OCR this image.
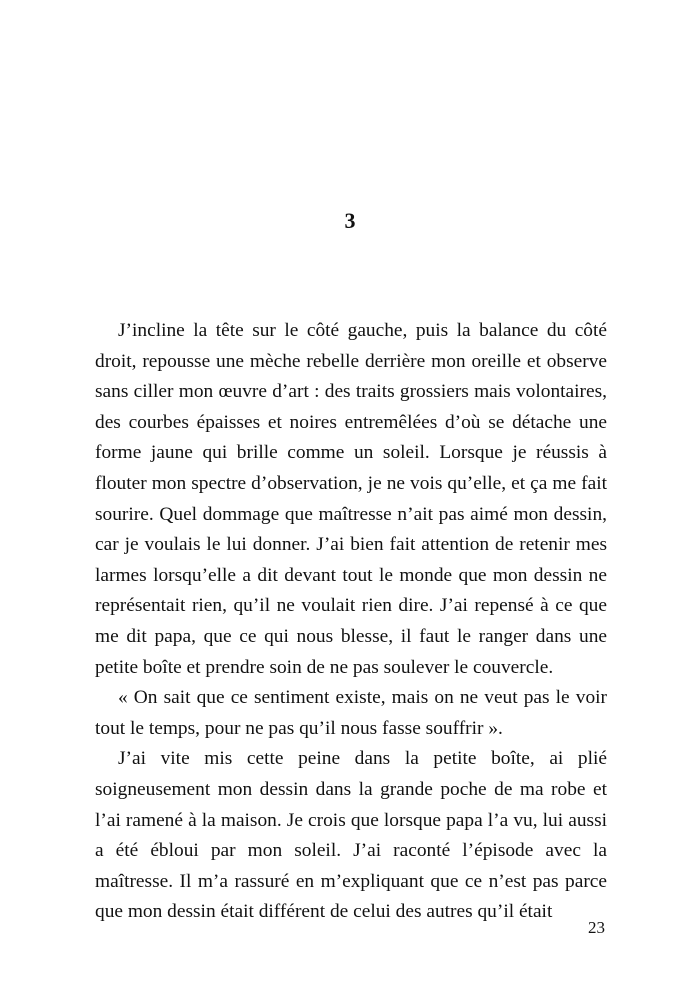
3

J’incline la tête sur le côté gauche, puis la balance du côté droit, repousse une mèche rebelle derrière mon oreille et observe sans ciller mon œuvre d’art : des traits grossiers mais volontaires, des courbes épaisses et noires entremêlées d’où se détache une forme jaune qui brille comme un soleil. Lorsque je réussis à flouter mon spectre d’observation, je ne vois qu’elle, et ça me fait sourire. Quel dommage que maîtresse n’ait pas aimé mon dessin, car je voulais le lui donner. J’ai bien fait attention de retenir mes larmes lorsqu’elle a dit devant tout le monde que mon dessin ne représentait rien, qu’il ne voulait rien dire. J’ai repensé à ce que me dit papa, que ce qui nous blesse, il faut le ranger dans une petite boîte et prendre soin de ne pas soulever le couvercle.

« On sait que ce sentiment existe, mais on ne veut pas le voir tout le temps, pour ne pas qu’il nous fasse souffrir ».

J’ai vite mis cette peine dans la petite boîte, ai plié soigneusement mon dessin dans la grande poche de ma robe et l’ai ramené à la maison. Je crois que lorsque papa l’a vu, lui aussi a été ébloui par mon soleil. J’ai raconté l’épisode avec la maîtresse. Il m’a rassuré en m’expliquant que ce n’est pas parce que mon dessin était différent de celui des autres qu’il était

23
